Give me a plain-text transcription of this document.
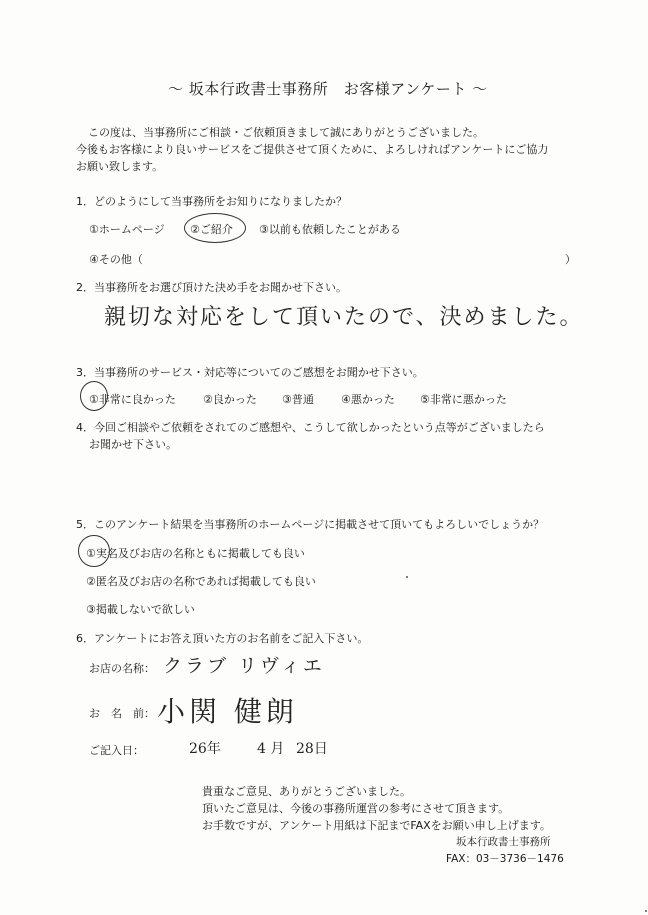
～ 坂本行政書士事務所　お客様アンケート ～
この度は、当事務所にご相談・ご依頼頂きまして誠にありがとうございました。
今後もお客様により良いサービスをご提供させて頂くために、よろしければアンケートにご協力
お願い致します。
1．どのようにして当事務所をお知りになりましたか？
①ホームページ ②ご紹介 ③以前も依頼したことがある
④その他（	）
2．当事務所をお選び頂けた決め手をお聞かせ下さい。
親切な対応をして頂いたので、決めました。
3．当事務所のサービス・対応等についてのご感想をお聞かせ下さい。
①非常に良かった ②良かった ③普通 ④悪かった ⑤非常に悪かった
4．今回ご相談やご依頼をされてのご感想や、こうして欲しかったという点等がございましたら
お聞かせ下さい。
5．このアンケート結果を当事務所のホームページに掲載させて頂いてもよろしいでしょうか？
①実名及びお店の名称ともに掲載しても良い
②匿名及びお店の名称であれば掲載しても良い
③掲載しないで欲しい
6．アンケートにお答え頂いた方のお名前をご記入下さい。
お店の名称： クラブ リヴィエ
お　名　前： 小関 健朗
ご記入日：	26年	4 月 28日
貴重なご意見、ありがとうございました。
頂いたご意見は、今後の事務所運営の参考にさせて頂きます。
お手数ですが、アンケート用紙は下記までFAXをお願い申し上げます。
坂本行政書士事務所
FAX：03－3736－1476
